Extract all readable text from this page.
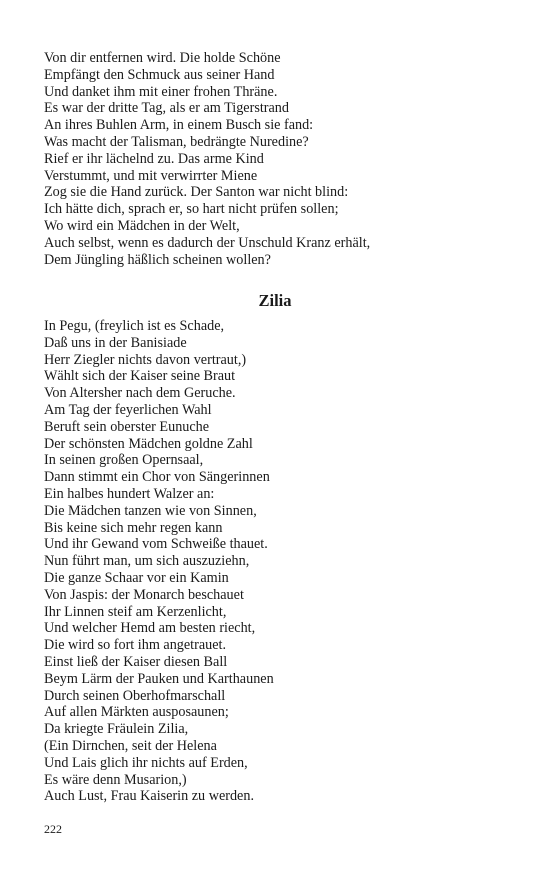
Von dir entfernen wird. Die holde Schöne
Empfängt den Schmuck aus seiner Hand
Und danket ihm mit einer frohen Thräne.
Es war der dritte Tag, als er am Tigerstrand
An ihres Buhlen Arm, in einem Busch sie fand:
Was macht der Talisman, bedrängte Nuredine?
Rief er ihr lächelnd zu. Das arme Kind
Verstummt, und mit verwirrter Miene
Zog sie die Hand zurück. Der Santon war nicht blind:
Ich hätte dich, sprach er, so hart nicht prüfen sollen;
Wo wird ein Mädchen in der Welt,
Auch selbst, wenn es dadurch der Unschuld Kranz erhält,
Dem Jüngling häßlich scheinen wollen?
Zilia
In Pegu, (freylich ist es Schade,
Daß uns in der Banisiade
Herr Ziegler nichts davon vertraut,)
Wählt sich der Kaiser seine Braut
Von Altersher nach dem Geruche.
Am Tag der feyerlichen Wahl
Beruft sein oberster Eunuche
Der schönsten Mädchen goldne Zahl
In seinen großen Opernsaal,
Dann stimmt ein Chor von Sängerinnen
Ein halbes hundert Walzer an:
Die Mädchen tanzen wie von Sinnen,
Bis keine sich mehr regen kann
Und ihr Gewand vom Schweiße thauet.
Nun führt man, um sich auszuziehn,
Die ganze Schaar vor ein Kamin
Von Jaspis: der Monarch beschauet
Ihr Linnen steif am Kerzenlicht,
Und welcher Hemd am besten riecht,
Die wird so fort ihm angetrauet.
Einst ließ der Kaiser diesen Ball
Beym Lärm der Pauken und Karthaunen
Durch seinen Oberhofmarschall
Auf allen Märkten ausposaunen;
Da kriegte Fräulein Zilia,
(Ein Dirnchen, seit der Helena
Und Lais glich ihr nichts auf Erden,
Es wäre denn Musarion,)
Auch Lust, Frau Kaiserin zu werden.
222
